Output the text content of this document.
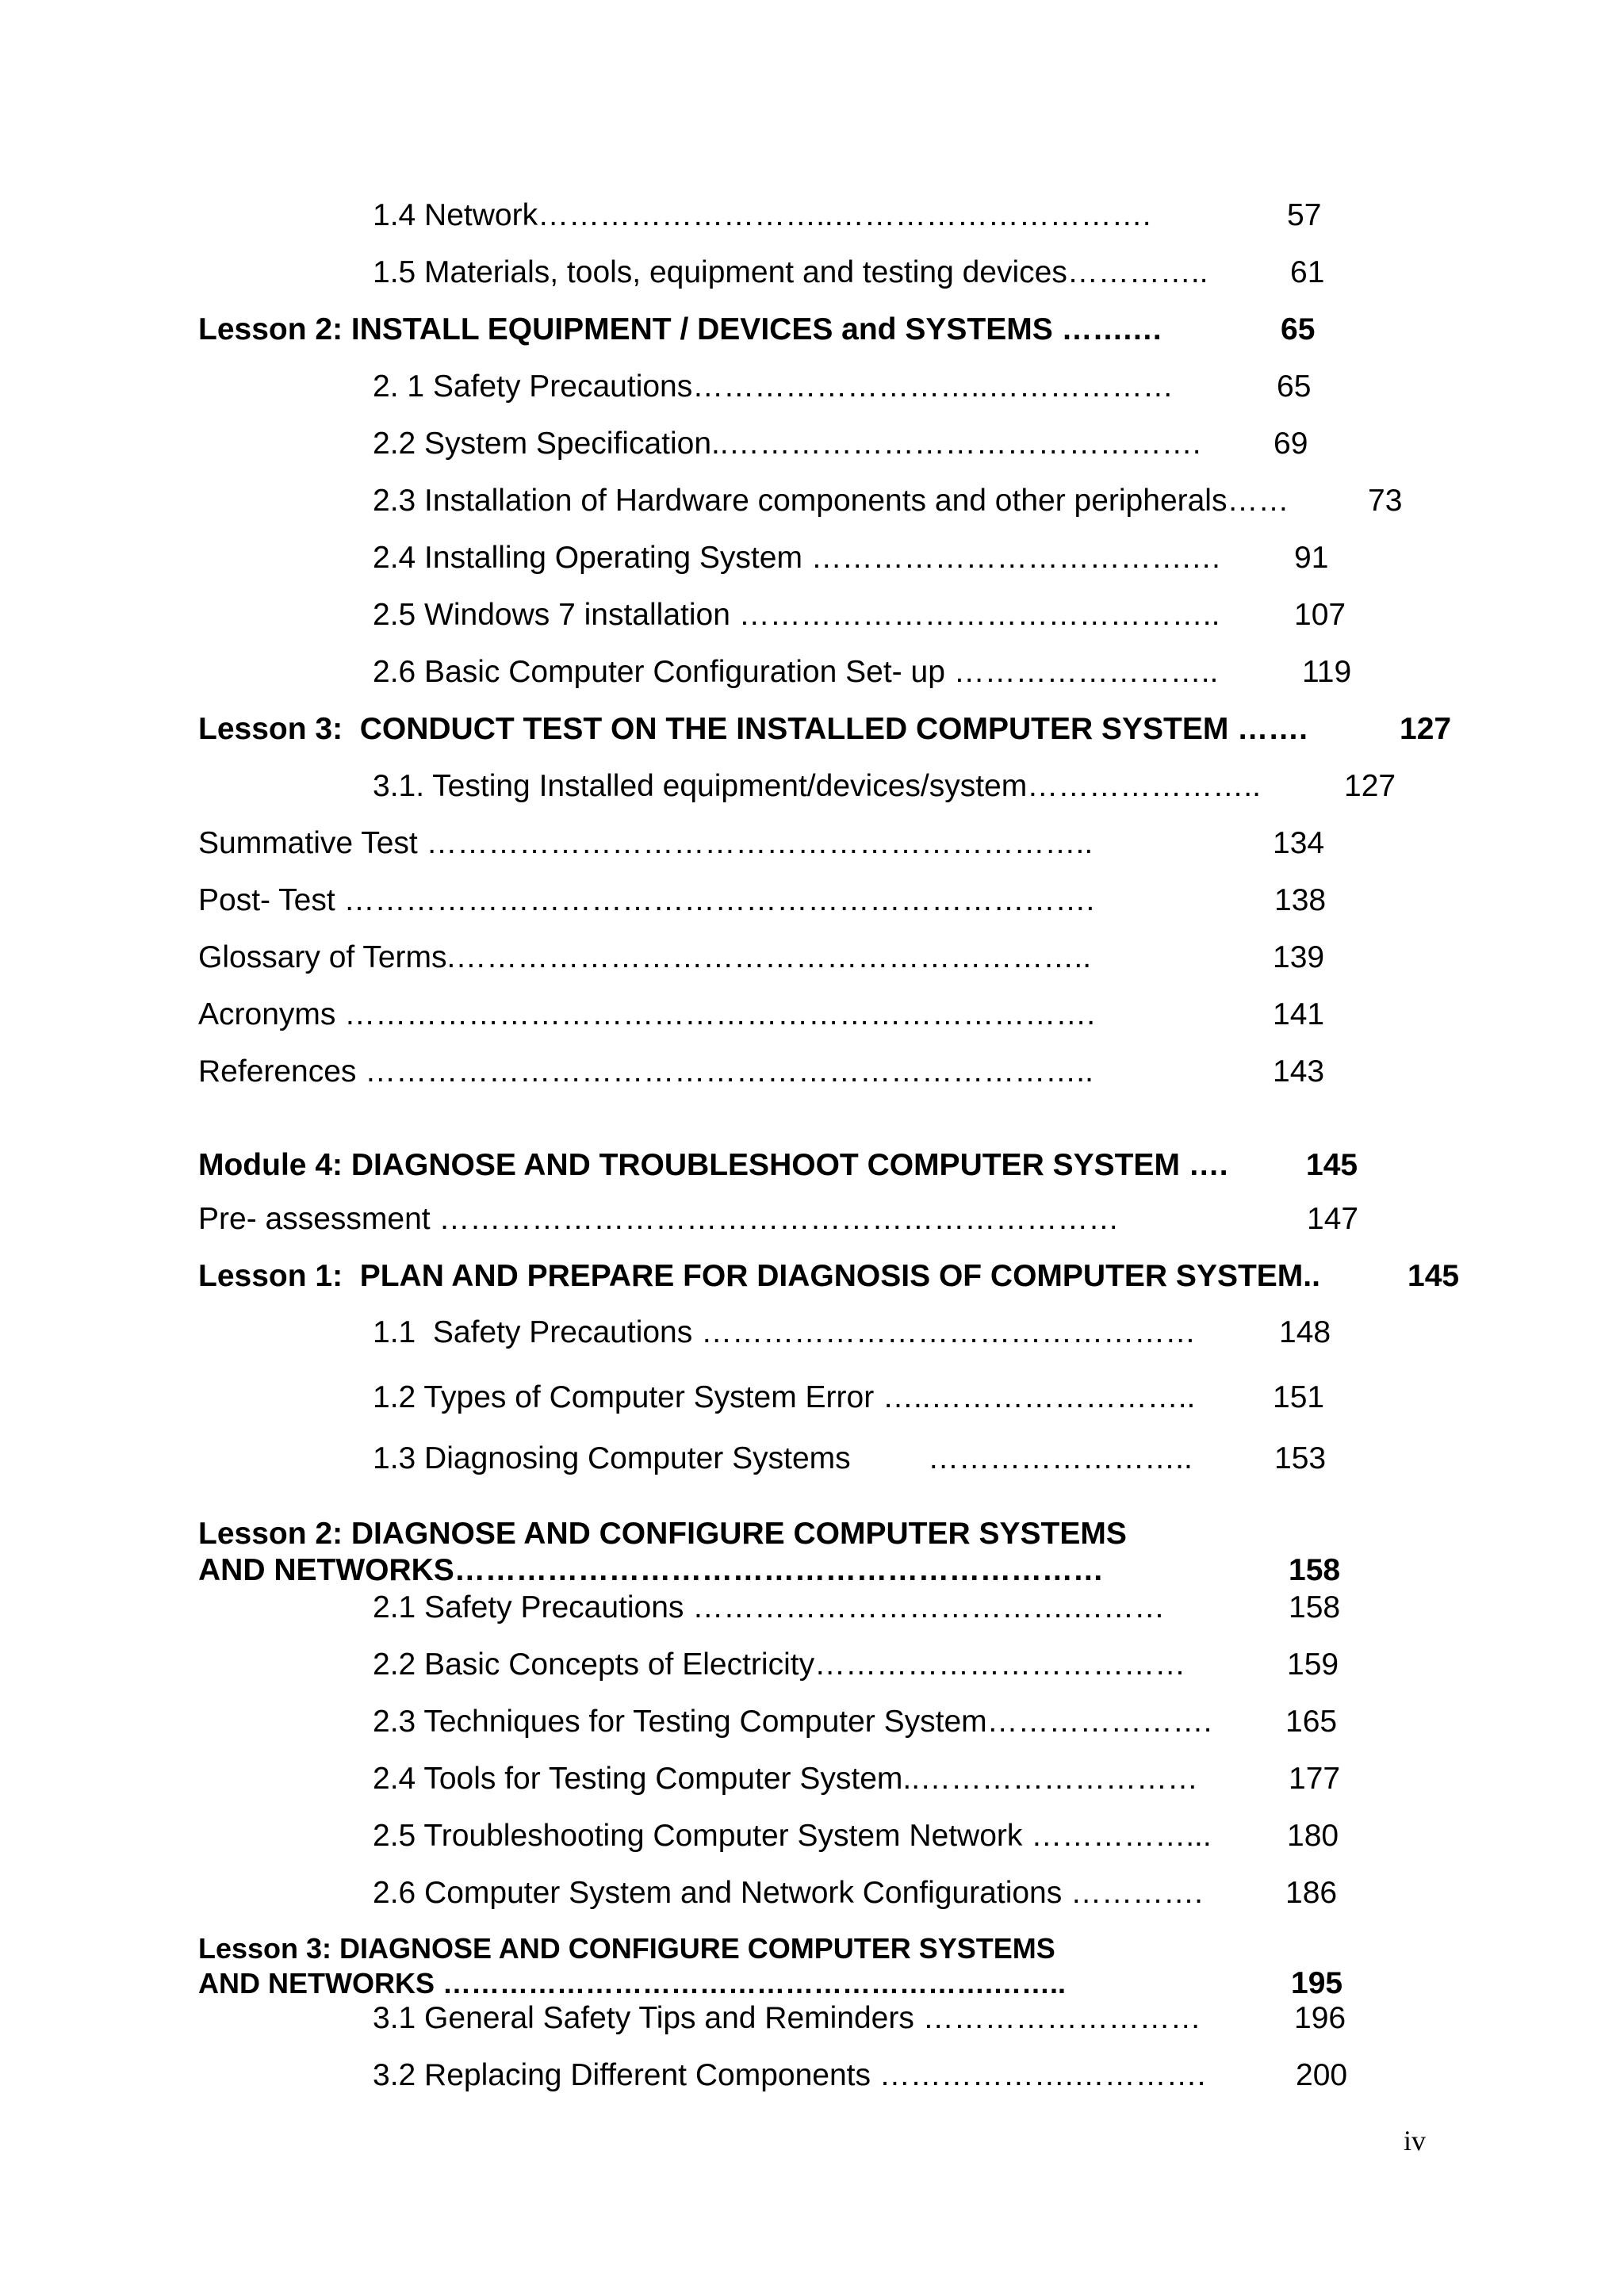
1.4 Network………………………..………………………….	57
1.5 Materials, tools, equipment and testing devices…………..	61
Lesson 2: INSTALL EQUIPMENT / DEVICES and SYSTEMS …….…	65
2. 1 Safety Precautions………………………..………………	65
2.2 System Specification..………………………………………. 69
2.3 Installation of Hardware components and other peripherals……	73
2.4 Installing Operating System ……………………………….… 91
2.5 Windows 7 installation ……………………………………….. 107
2.6 Basic Computer Configuration Set- up ……………………..	119
Lesson 3:  CONDUCT TEST ON THE INSTALLED COMPUTER SYSTEM …….	127
3.1. Testing Installed equipment/devices/system…………………..	127
Summative Test ………………………………………………………..	134
Post- Test ……………………………………………………………….	138
Glossary of Terms.……………………………………………………..	139
Acronyms ……………………………………………………………….	141
References ……………………………………………………………..	143
Module 4: DIAGNOSE AND TROUBLESHOOT COMPUTER SYSTEM ….	145
Pre- assessment …………………………………………………………	147
Lesson 1:  PLAN AND PREPARE FOR DIAGNOSIS OF COMPUTER SYSTEM..	145
1.1  Safety Precautions …………………………………………	148
1.2 Types of Computer System Error …..……………………..	151
1.3 Diagnosing Computer Systems         ……………………..	153
Lesson 2: DIAGNOSE AND CONFIGURE COMPUTER SYSTEMS
AND NETWORKS………………………………………………………	158
2.1 Safety Precautions ……………………………….………	158
2.2 Basic Concepts of Electricity………………………………	159
2.3 Techniques for Testing Computer System…………………. 165
2.4 Tools for Testing Computer System..………………………	177
2.5 Troubleshooting Computer System Network ……………... 180
2.6 Computer System and Network Configurations ………….	186
Lesson 3: DIAGNOSE AND CONFIGURE COMPUTER SYSTEMS
AND NETWORKS ………………………………………………….……..	195
3.1 General Safety Tips and Reminders ………………………	196
3.2 Replacing Different Components ……………….………….	200
iv
